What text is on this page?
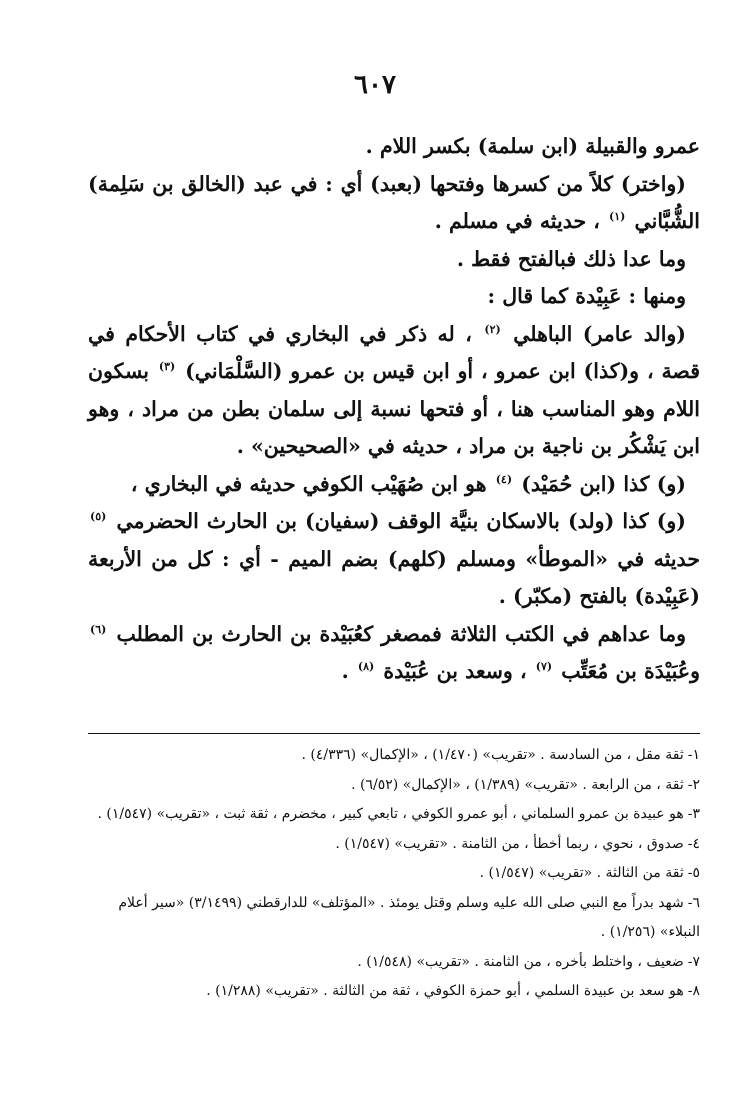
٦٠٧

عمرو والقبيلة (ابن سلمة) بكسر اللام .

(واختر) كلاً من كسرها وفتحها (بعبد) أي : في عبد (الخالق بن سَلِمة) الشُّبَّاني $^{(١)}$ ، حديثه في مسلم .

وما عدا ذلك فبالفتح فقط .

ومنها : عَبِيْدة كما قال :

(والد عامر) الباهلي $^{(٢)}$ ، له ذكر في البخاري في كتاب الأحكام في قصة ، و(كذا) ابن عمرو ، أو ابن قيس بن عمرو (السَّلْمَاني) $^{(٣)}$ بسكون اللام وهو المناسب هنا ، أو فتحها نسبة إلى سلمان بطن من مراد ، وهو ابن يَشْكُر بن ناجية بن مراد ، حديثه في «الصحيحين» .

(و) كذا (ابن حُمَيْد) $^{(٤)}$ هو ابن صُهَيْب الكوفي حديثه في البخاري ،

(و) كذا (ولد) بالاسكان بنيَّة الوقف (سفيان) بن الحارث الحضرمي $^{(٥)}$ حديثه في «الموطأ» ومسلم (كلهم) بضم الميم - أي : كل من الأربعة (عَبِيْدة) بالفتح (مكبّر) .

وما عداهم في الكتب الثلاثة فمصغر كعُبَيْدة بن الحارث بن المطلب $^{(٦)}$ وعُبَيْدَة بن مُعَتِّب $^{(٧)}$ ، وسعد بن عُبَيْدة $^{(٨)}$ .

١-ثقة مقل ، من السادسة . «تقريب» (١/٤٧٠) ، «الإكمال» (٤/٣٣٦) .

٢-ثقة ، من الرابعة . «تقريب» (١/٣٨٩) ، «الإكمال» (٦/٥٢) .

٣-هو عبيدة بن عمرو السلماني ، أبو عمرو الكوفي ، تابعي كبير ، مخضرم ، ثقة ثبت ، «تقريب» (١/٥٤٧) .

٤-صدوق ، نحوي ، ربما أخطأ ، من الثامنة . «تقريب» (١/٥٤٧) .

٥-ثقة من الثالثة . «تقريب» (١/٥٤٧) .

٦-شهد بدراً مع النبي صلى الله عليه وسلم وقتل يومئذ . «المؤتلف» للدارقطني (٣/١٤٩٩) «سير أعلام النبلاء» (١/٢٥٦) .

٧-ضعيف ، واختلط بأخره ، من الثامنة . «تقريب» (١/٥٤٨) .

٨-هو سعد بن عبيدة السلمي ، أبو حمزة الكوفي ، ثقة من الثالثة . «تقريب» (١/٢٨٨) .
